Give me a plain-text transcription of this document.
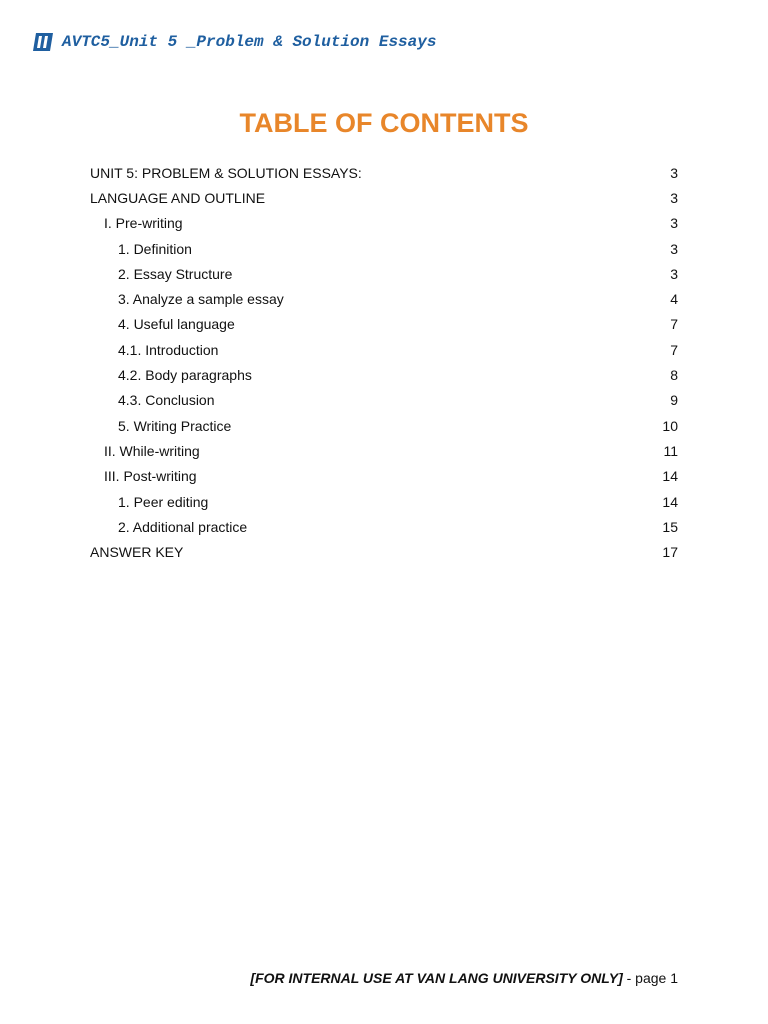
AVTC5_Unit 5 _Problem & Solution Essays
TABLE OF CONTENTS
UNIT 5: PROBLEM & SOLUTION ESSAYS:	3
LANGUAGE AND OUTLINE	3
I. Pre-writing	3
1. Definition	3
2. Essay Structure	3
3. Analyze a sample essay	4
4. Useful language	7
4.1. Introduction	7
4.2. Body paragraphs	8
4.3. Conclusion	9
5. Writing Practice	10
II. While-writing	11
III. Post-writing	14
1. Peer editing	14
2. Additional practice	15
ANSWER KEY	17
[FOR INTERNAL USE AT VAN LANG UNIVERSITY ONLY] - page 1
